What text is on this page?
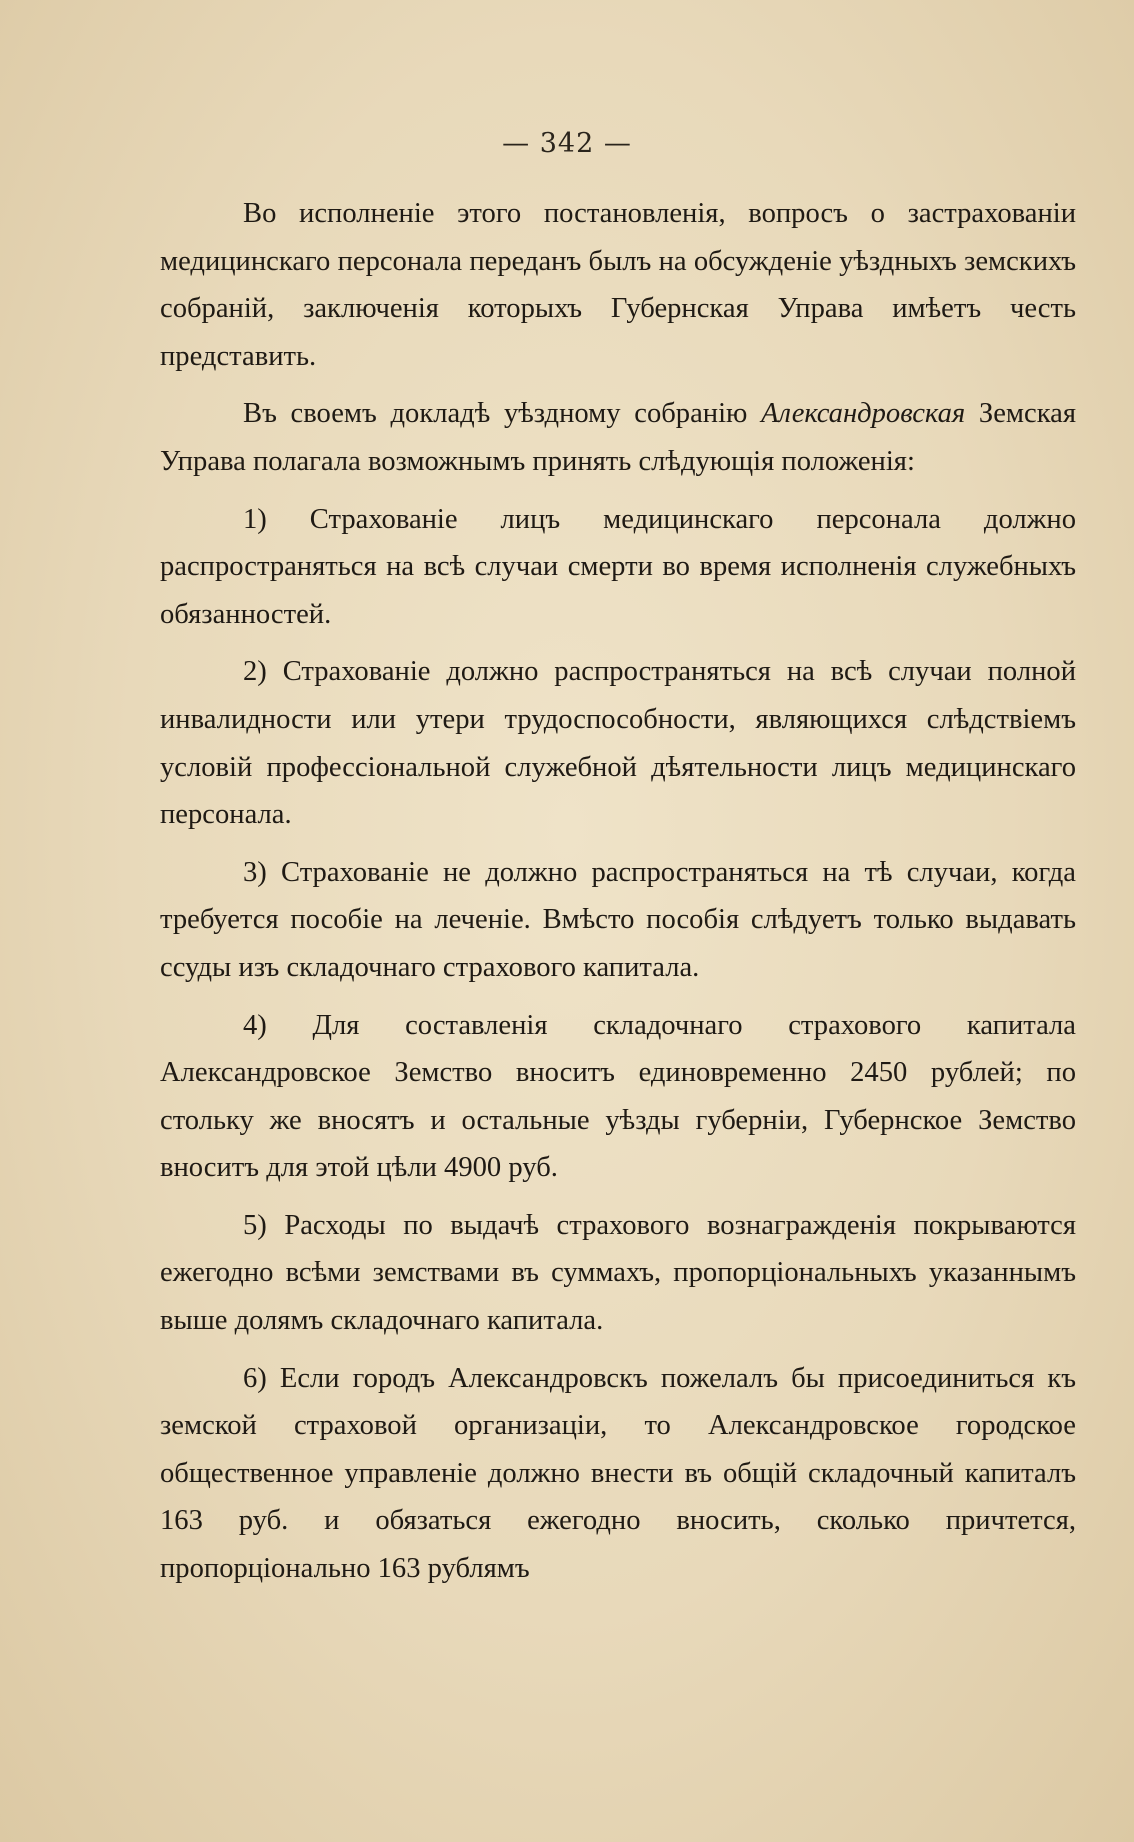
— 342 —

Во исполненіе этого постановленія, вопросъ о застрахованіи медицинскаго персонала переданъ былъ на обсужденіе уѣздныхъ земскихъ собраній, заключенія которыхъ Губернская Управа имѣетъ честь представить.

Въ своемъ докладѣ уѣздному собранію Александровская Земская Управа полагала возможнымъ принять слѣдующія положенія:

1) Страхованіе лицъ медицинскаго персонала должно распространяться на всѣ случаи смерти во время исполненія служебныхъ обязанностей.

2) Страхованіе должно распространяться на всѣ случаи полной инвалидности или утери трудоспособности, являющихся слѣдствіемъ условій профессіональной служебной дѣятельности лицъ медицинскаго персонала.

3) Страхованіе не должно распространяться на тѣ случаи, когда требуется пособіе на леченіе. Вмѣсто пособія слѣдуетъ только выдавать ссуды изъ складочнаго страхового капитала.

4) Для составленія складочнаго страхового капитала Александровское Земство вноситъ единовременно 2450 рублей; по стольку же вносятъ и остальные уѣзды губерніи, Губернское Земство вноситъ для этой цѣли 4900 руб.

5) Расходы по выдачѣ страхового вознагражденія покрываются ежегодно всѣми земствами въ суммахъ, пропорціональныхъ указаннымъ выше долямъ складочнаго капитала.

6) Если городъ Александровскъ пожелалъ бы присоединиться къ земской страховой организаціи, то Александровское городское общественное управленіе должно внести въ общій складочный капиталъ 163 руб. и обязаться ежегодно вносить, сколько причтется, пропорціонально 163 рублямъ
